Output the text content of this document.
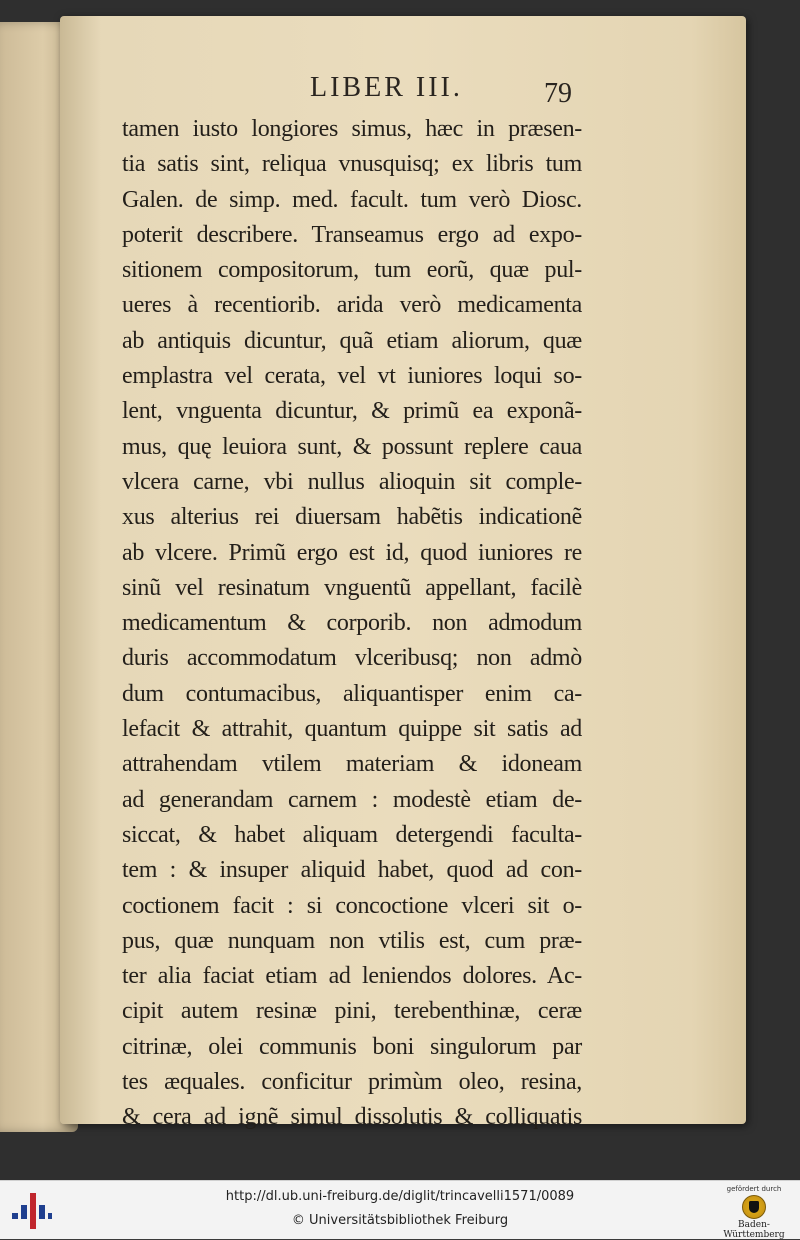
LIBER III.	79
tamen iusto longiores simus, hæc in præsen-
tia satis sint, reliqua vnusquisq; ex libris tum
Galen. de simp. med. facult. tum verò Diosc.
poterit describere. Transeamus ergo ad expo-
sitionem compositorum, tum eorũ, quæ pul-
ueres à recentiorib. arida verò medicamenta
ab antiquis dicuntur, quã etiam aliorum, quæ
emplastra vel cerata, vel vt iuniores loqui so-
lent, vnguenta dicuntur, & primũ ea exponã-
mus, quę leuiora sunt, & possunt replere caua
vlcera carne, vbi nullus alioquin sit comple-
xus alterius rei diuersam habẽtis indicationẽ
ab vlcere. Primũ ergo est id, quod iuniores re
sinũ vel resinatum vnguentũ appellant, facilè
medicamentum & corporib. non admodum
duris accommodatum vlceribusq; non admò
dum contumacibus, aliquantisper enim ca-
lefacit & attrahit, quantum quippe sit satis ad
attrahendam vtilem materiam & idoneam
ad generandam carnem : modestè etiam de-
siccat, & habet aliquam detergendi faculta-
tem : & insuper aliquid habet, quod ad con-
coctionem facit : si concoctione vlceri sit o-
pus, quæ nunquam non vtilis est, cum præ-
ter alia faciat etiam ad leniendos dolores. Ac-
cipit autem resinæ pini, terebenthinæ, ceræ
citrinæ, olei communis boni singulorum par
tes æquales. conficitur primùm oleo, resina,
& cera ad ignẽ simul dissolutis & colliquatis
http://dl.ub.uni-freiburg.de/diglit/trincavelli1571/0089
© Universitätsbibliothek Freiburg
gefördert durch
Baden-Württemberg
